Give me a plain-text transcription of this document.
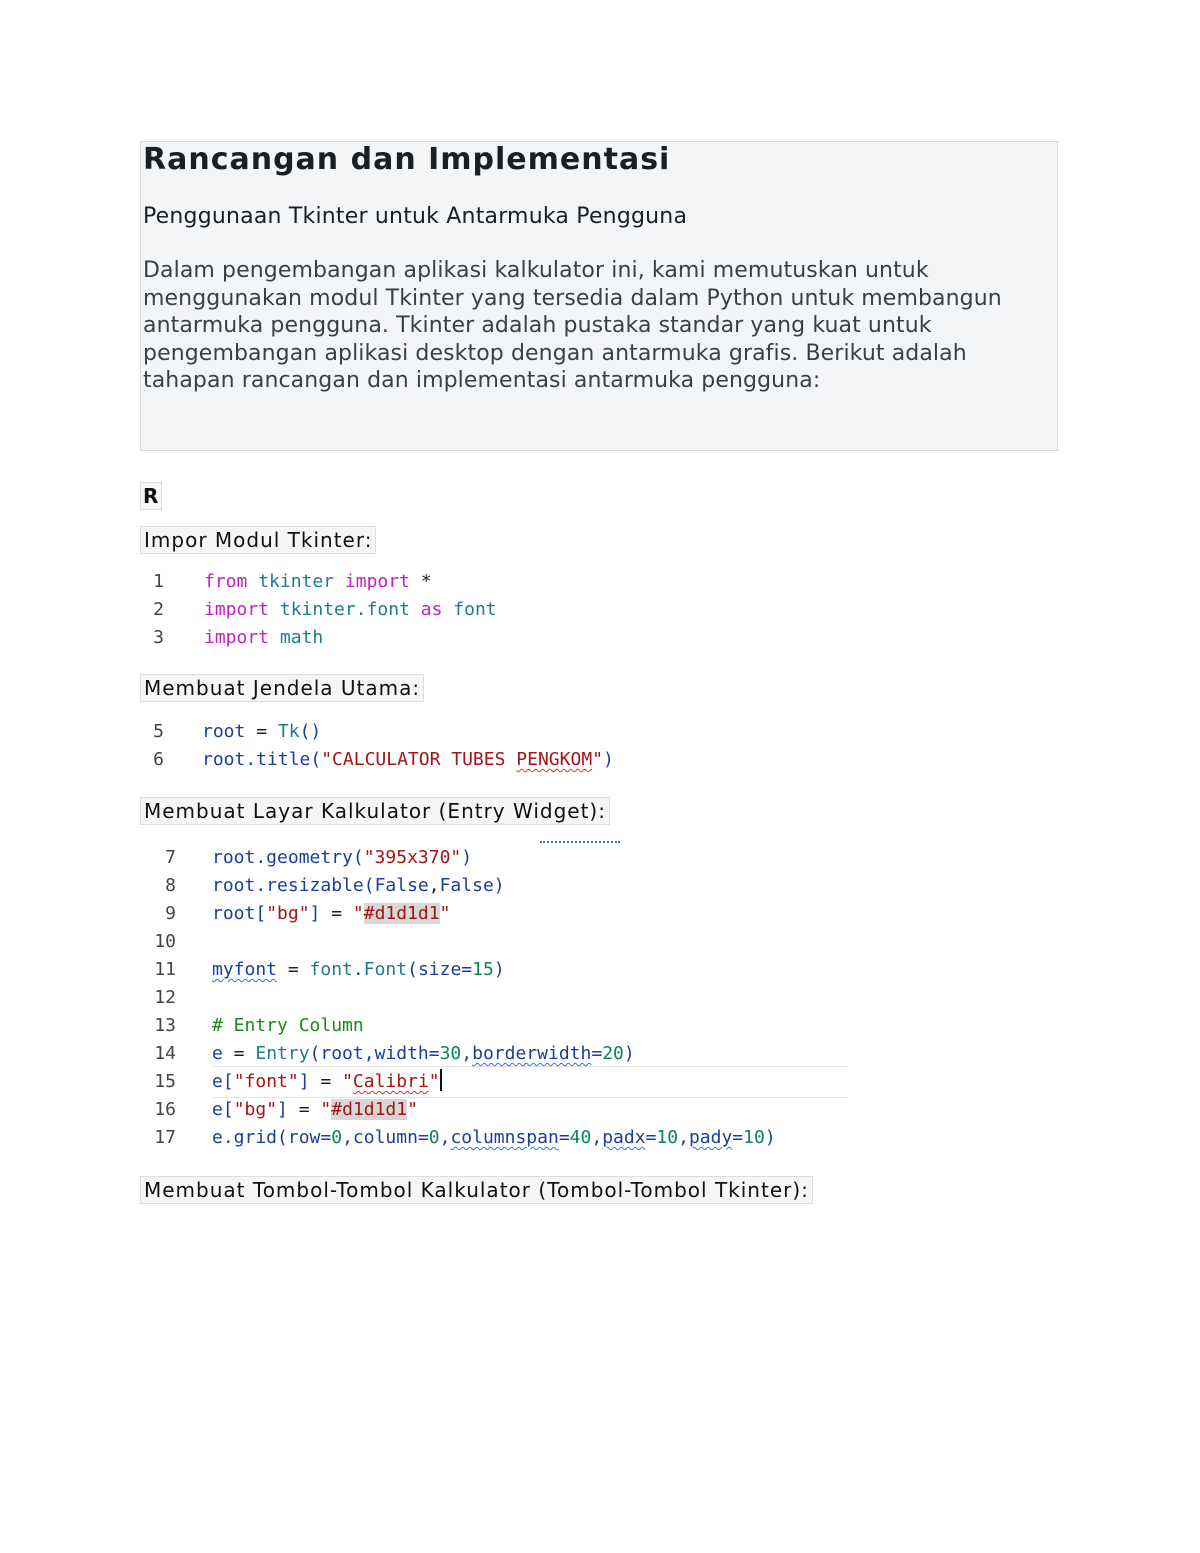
Rancangan dan Implementasi
Penggunaan Tkinter untuk Antarmuka Pengguna

Dalam pengembangan aplikasi kalkulator ini, kami memutuskan untuk menggunakan modul Tkinter yang tersedia dalam Python untuk membangun antarmuka pengguna. Tkinter adalah pustaka standar yang kuat untuk pengembangan aplikasi desktop dengan antarmuka grafis. Berikut adalah tahapan rancangan dan implementasi antarmuka pengguna:

R
Impor Modul Tkinter:
1 from tkinter import *
2 import tkinter.font as font
3 import math
Membuat Jendela Utama:
5 root = Tk()
6 root.title("CALCULATOR TUBES PENGKOM")
Membuat Layar Kalkulator (Entry Widget):
7 root.geometry("395x370")
8 root.resizable(False,False)
9 root["bg"] = "#d1d1d1"
10
11 myfont = font.Font(size=15)
12
13 # Entry Column
14 e = Entry(root,width=30,borderwidth=20)
15 e["font"] = "Calibri"
16 e["bg"] = "#d1d1d1"
17 e.grid(row=0,column=0,columnspan=40,padx=10,pady=10)
Membuat Tombol-Tombol Kalkulator (Tombol-Tombol Tkinter):
